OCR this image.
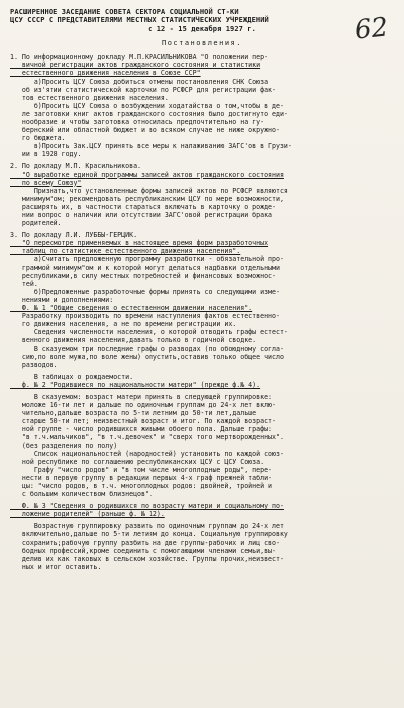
62
РАСШИРЕННОЕ ЗАСЕДАНИЕ СОВЕТА СЕКТОРА СОЦИАЛЬНОЙ СТ-КИ
ЦСУ СССР С ПРЕДСТАВИТЕЛЯМИ МЕСТНЫХ СТАТИСТИЧЕСКИХ УЧРЕЖДЕНИЙ
с 12 - 15 декабря 1927 г.
Постановления.
1. По информационному докладу М.П.КРАСИЛЬНИКОВА "О положении пер-
вичной регистрации актов гражданского состояния и статистики
естественного движения населения в Союзе ССР"
а)Просить ЦСУ Союза добиться отмены постановления СНК Союза
об из'ятии статистической карточки по РСФСР для регистрации фак-
тов естественного движения населения.
б)Просить ЦСУ Союза о возбуждении ходатайства о том,чтобы в де-
ле заготовки книг актов гражданского состояния было достигнуто еди-
нообразие и чтобы заготовка относилась предпочтительно на гу-
бернский или областной бюджет и во всяком случае не ниже окружно-
го бюджета.
в)Просить Зак.ЦСУ принять все меры к налаживанию ЗАГС'ов в Грузи-
ии в 1928 году.
2. По докладу М.П. Красильникова.
"О выработке единой программы записей актов гражданского состояния
по всему Союзу"
Признать,что установленные формы записей актов по РСФСР являются
минимум"ом; рекомендовать республиканским ЦСУ по мере возможности,
расширять их, в частности стараться включать в карточку о рожде-
нии вопрос о наличии или отсутствии ЗАГС'овой регистрации брака
родителей.
3. По докладу Л.И. ЛУББЫ-ГЕРЦИК.
"О пересмотре применяемых в настоящее время форм разработочных
таблиц по статистике естественного движения населения".
а)Считать предложенную программу разработки - обязательной про-
граммой минимум"ом и к которой могут делаться надбавки отдельными
республиками,в силу местных потребностей и финансовых возможнос-
тей.
б)Предложенные разработочные формы принять со следующими изме-
нениями и дополнениями:
Ф. № 1 "Общие сведения о естественном движении населения".
Разработку производить по времени наступления фактов естественно-
го движения населения, а не по времени регистрации их.
Сведения численности населения, о которой отводить графы естест-
венного движения населения,давать только в годичной сводке.
В сказуемом три последние графы о разводах (по обоюдному согла-
сию,по воле мужа,по воле жены) опустить,оставив только общее число
разводов.
В таблицах о рождаемости.
ф. № 2 "Родившиеся по национальности матери" (прежде ф.№ 4).
В сказуемом: возраст матери принять в следующей группировке:
моложе 16-ти лет и дальше по одиночным группам до 24-х лет вклю-
чительно,дальше возраста по 5-ти летним до 50-ти лет,дальше
старше 50-ти лет; неизвестный возраст и итог. По каждой возраст-
ной группе - число родившихся живыми обоего пола. Дальше графы:
"в т.ч.мальчиков", "в т.ч.девочек" и "сверх того мертворожденных".
(без разделения по полу)
Список национальностей (народностей) установить по каждой союз-
ной республике по соглашению республиканских ЦСУ с ЦСУ Союза.
Графу "число родов" и "в том числе многоплодные роды", пере-
нести в первую группу в редакции первых 4-х граф прежней табли-
цы: "число родов, в т.ч. многоплодных родов: двойней, тройней и
с большим количеством близнецов".
Ф. № 3 "Сведения о родившихся по возрасту матери и социальному по-
ложение родителей" (раньше ф. № 12).
Возрастную группировку развить по одиночным группам до 24-х лет
включительно,дальше по 5-ти летиям до конца. Социальную группировку
сохранить;рабочую группу разбить на две группы-рабочих и лиц сво-
бодных профессий,кроме соединить с помогающими членами семьи,вы-
делив их как таковых в сельском хозяйстве. Группы прочих,неизвест-
ных и итог оставить.
